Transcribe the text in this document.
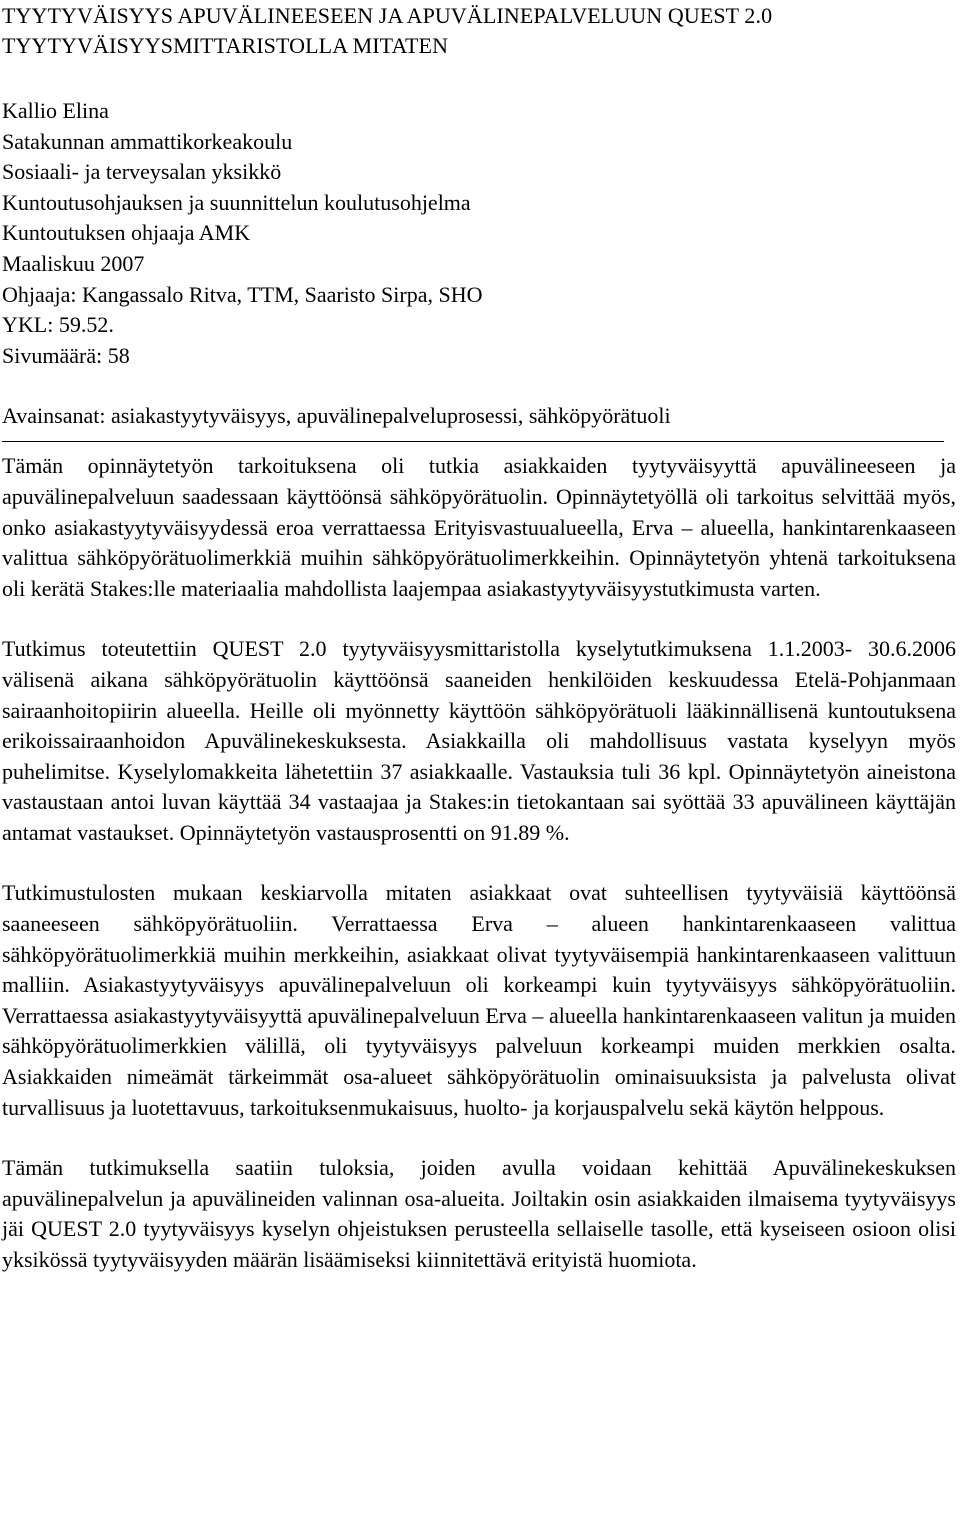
TYYTYVÄISYYS APUVÄLINEESEEN JA APUVÄLINEPALVELUUN QUEST 2.0
TYYTYVÄISYYSMITTARISTOLLA MITATEN
Kallio Elina
Satakunnan ammattikorkeakoulu
Sosiaali- ja terveysalan yksikkö
Kuntoutusohjauksen ja suunnittelun koulutusohjelma
Kuntoutuksen ohjaaja AMK
Maaliskuu 2007
Ohjaaja: Kangassalo Ritva, TTM, Saaristo Sirpa, SHO
YKL: 59.52.
Sivumäärä: 58
Avainsanat: asiakastyytyväisyys, apuvälinepalveluprosessi, sähköpyörätuoli

Tämän opinnäytetyön tarkoituksena oli tutkia asiakkaiden tyytyväisyyttä apuvälineeseen ja apuvälinepalveluun saadessaan käyttöönsä sähköpyörätuolin. Opinnäytetyöllä oli tarkoitus selvittää myös, onko asiakastyytyväisyydessä eroa verrattaessa Erityisvastuualueella, Erva – alueella, hankintarenkaaseen valittua sähköpyörätuolimerkkiä muihin sähköpyörätuolimerkkeihin. Opinnäytetyön yhtenä tarkoituksena oli kerätä Stakes:lle materiaalia mahdollista laajempaa asiakastyytyväisyystutkimusta varten.

Tutkimus toteutettiin QUEST 2.0 tyytyväisyysmittaristolla kyselytutkimuksena 1.1.2003- 30.6.2006 välisenä aikana sähköpyörätuolin käyttöönsä saaneiden henkilöiden keskuudessa Etelä-Pohjanmaan sairaanhoitopiirin alueella. Heille oli myönnetty käyttöön sähköpyörätuoli lääkinnällisenä kuntoutuksena erikoissairaanhoidon Apuvälinekeskuksesta. Asiakkailla oli mahdollisuus vastata kyselyyn myös puhelimitse. Kyselylomakkeita lähetettiin 37 asiakkaalle. Vastauksia tuli 36 kpl. Opinnäytetyön aineistona vastaustaan antoi luvan käyttää 34 vastaajaa ja Stakes:in tietokantaan sai syöttää 33 apuvälineen käyttäjän antamat vastaukset. Opinnäytetyön vastausprosentti on 91.89 %.

Tutkimustulosten mukaan keskiarvolla mitaten asiakkaat ovat suhteellisen tyytyväisiä käyttöönsä saaneeseen sähköpyörätuoliin. Verrattaessa Erva – alueen hankintarenkaaseen valittua sähköpyörätuolimerkkiä muihin merkkeihin, asiakkaat olivat tyytyväisempiä hankintarenkaaseen valittuun malliin. Asiakastyytyväisyys apuvälinepalveluun oli korkeampi kuin tyytyväisyys sähköpyörätuoliin. Verrattaessa asiakastyytyväisyyttä apuvälinepalveluun Erva – alueella hankintarenkaaseen valitun ja muiden sähköpyörätuolimerkkien välillä, oli tyytyväisyys palveluun korkeampi muiden merkkien osalta. Asiakkaiden nimeämät tärkeimmät osa-alueet sähköpyörätuolin ominaisuuksista ja palvelusta olivat turvallisuus ja luotettavuus, tarkoituksenmukaisuus, huolto- ja korjauspalvelu sekä käytön helppous.

Tämän tutkimuksella saatiin tuloksia, joiden avulla voidaan kehittää Apuvälinekeskuksen apuvälinepalvelun ja apuvälineiden valinnan osa-alueita. Joiltakin osin asiakkaiden ilmaisema tyytyväisyys jäi QUEST 2.0 tyytyväisyys kyselyn ohjeistuksen perusteella sellaiselle tasolle, että kyseiseen osioon olisi yksikössä tyytyväisyyden määrän lisäämiseksi kiinnitettävä erityistä huomiota.
